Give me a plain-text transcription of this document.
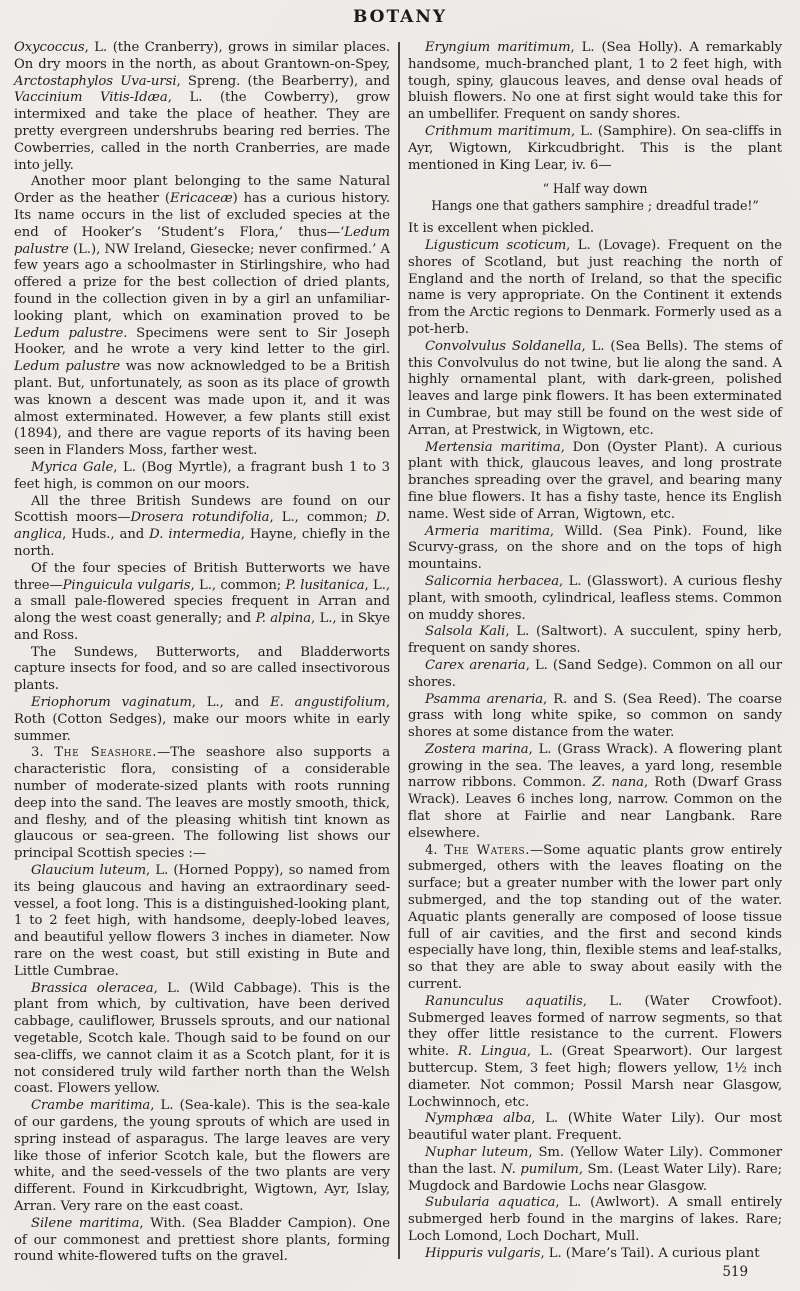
BOTANY

Oxycoccus, L. (the Cranberry), grows in similar places. On dry moors in the north, as about Grantown-on-Spey, Arctostaphylos Uva-ursi, Spreng. (the Bearberry), and Vaccinium Vitis-Idæa, L. (the Cowberry), grow intermixed and take the place of heather. They are pretty evergreen undershrubs bearing red berries. The Cowberries, called in the north Cranberries, are made into jelly.

Another moor plant belonging to the same Natural Order as the heather (Ericaceæ) has a curious history. Its name occurs in the list of excluded species at the end of Hooker’s ‘Student’s Flora,’ thus—‘Ledum palustre (L.), NW Ireland, Giesecke; never confirmed.’ A few years ago a schoolmaster in Stirlingshire, who had offered a prize for the best collection of dried plants, found in the collection given in by a girl an unfamiliar-looking plant, which on examination proved to be Ledum palustre. Specimens were sent to Sir Joseph Hooker, and he wrote a very kind letter to the girl. Ledum palustre was now acknowledged to be a British plant. But, unfortunately, as soon as its place of growth was known a descent was made upon it, and it was almost exterminated. However, a few plants still exist (1894), and there are vague reports of its having been seen in Flanders Moss, farther west.

Myrica Gale, L. (Bog Myrtle), a fragrant bush 1 to 3 feet high, is common on our moors.

All the three British Sundews are found on our Scottish moors—Drosera rotundifolia, L., common; D. anglica, Huds., and D. intermedia, Hayne, chiefly in the north.

Of the four species of British Butterworts we have three—Pinguicula vulgaris, L., common; P. lusitanica, L., a small pale-flowered species frequent in Arran and along the west coast generally; and P. alpina, L., in Skye and Ross.

The Sundews, Butterworts, and Bladderworts capture insects for food, and so are called insectivorous plants.

Eriophorum vaginatum, L., and E. angustifolium, Roth (Cotton Sedges), make our moors white in early summer.

3. The Seashore.—The seashore also supports a characteristic flora, consisting of a considerable number of moderate-sized plants with roots running deep into the sand. The leaves are mostly smooth, thick, and fleshy, and of the pleasing whitish tint known as glaucous or sea-green. The following list shows our principal Scottish species :—

Glaucium luteum, L. (Horned Poppy), so named from its being glaucous and having an extraordinary seed-vessel, a foot long. This is a distinguished-looking plant, 1 to 2 feet high, with handsome, deeply-lobed leaves, and beautiful yellow flowers 3 inches in diameter. Now rare on the west coast, but still existing in Bute and Little Cumbrae.

Brassica oleracea, L. (Wild Cabbage). This is the plant from which, by cultivation, have been derived cabbage, cauliflower, Brussels sprouts, and our national vegetable, Scotch kale. Though said to be found on our sea-cliffs, we cannot claim it as a Scotch plant, for it is not considered truly wild farther north than the Welsh coast. Flowers yellow.

Crambe maritima, L. (Sea-kale). This is the sea-kale of our gardens, the young sprouts of which are used in spring instead of asparagus. The large leaves are very like those of inferior Scotch kale, but the flowers are white, and the seed-vessels of the two plants are very different. Found in Kirkcudbright, Wigtown, Ayr, Islay, Arran. Very rare on the east coast.

Silene maritima, With. (Sea Bladder Campion). One of our commonest and prettiest shore plants, forming round white-flowered tufts on the gravel.

Eryngium maritimum, L. (Sea Holly). A remarkably handsome, much-branched plant, 1 to 2 feet high, with tough, spiny, glaucous leaves, and dense oval heads of bluish flowers. No one at first sight would take this for an umbellifer. Frequent on sandy shores.

Crithmum maritimum, L. (Samphire). On sea-cliffs in Ayr, Wigtown, Kirkcudbright. This is the plant mentioned in King Lear, iv. 6—

“ Half way down
Hangs one that gathers samphire ; dreadful trade!”

It is excellent when pickled.

Ligusticum scoticum, L. (Lovage). Frequent on the shores of Scotland, but just reaching the north of England and the north of Ireland, so that the specific name is very appropriate. On the Continent it extends from the Arctic regions to Denmark. Formerly used as a pot-herb.

Convolvulus Soldanella, L. (Sea Bells). The stems of this Convolvulus do not twine, but lie along the sand. A highly ornamental plant, with dark-green, polished leaves and large pink flowers. It has been exterminated in Cumbrae, but may still be found on the west side of Arran, at Prestwick, in Wigtown, etc.

Mertensia maritima, Don (Oyster Plant). A curious plant with thick, glaucous leaves, and long prostrate branches spreading over the gravel, and bearing many fine blue flowers. It has a fishy taste, hence its English name. West side of Arran, Wigtown, etc.

Armeria maritima, Willd. (Sea Pink). Found, like Scurvy-grass, on the shore and on the tops of high mountains.

Salicornia herbacea, L. (Glasswort). A curious fleshy plant, with smooth, cylindrical, leafless stems. Common on muddy shores.

Salsola Kali, L. (Saltwort). A succulent, spiny herb, frequent on sandy shores.

Carex arenaria, L. (Sand Sedge). Common on all our shores.

Psamma arenaria, R. and S. (Sea Reed). The coarse grass with long white spike, so common on sandy shores at some distance from the water.

Zostera marina, L. (Grass Wrack). A flowering plant growing in the sea. The leaves, a yard long, resemble narrow ribbons. Common. Z. nana, Roth (Dwarf Grass Wrack). Leaves 6 inches long, narrow. Common on the flat shore at Fairlie and near Langbank. Rare elsewhere.

4. The Waters.—Some aquatic plants grow entirely submerged, others with the leaves floating on the surface; but a greater number with the lower part only submerged, and the top standing out of the water. Aquatic plants generally are composed of loose tissue full of air cavities, and the first and second kinds especially have long, thin, flexible stems and leaf-stalks, so that they are able to sway about easily with the current.

Ranunculus aquatilis, L. (Water Crowfoot). Submerged leaves formed of narrow segments, so that they offer little resistance to the current. Flowers white. R. Lingua, L. (Great Spearwort). Our largest buttercup. Stem, 3 feet high; flowers yellow, 1½ inch diameter. Not common; Possil Marsh near Glasgow, Lochwinnoch, etc.

Nymphæa alba, L. (White Water Lily). Our most beautiful water plant. Frequent.

Nuphar luteum, Sm. (Yellow Water Lily). Commoner than the last. N. pumilum, Sm. (Least Water Lily). Rare; Mugdock and Bardowie Lochs near Glasgow.

Subularia aquatica, L. (Awlwort). A small entirely submerged herb found in the margins of lakes. Rare; Loch Lomond, Loch Dochart, Mull.

Hippuris vulgaris, L. (Mare’s Tail). A curious plant

519
